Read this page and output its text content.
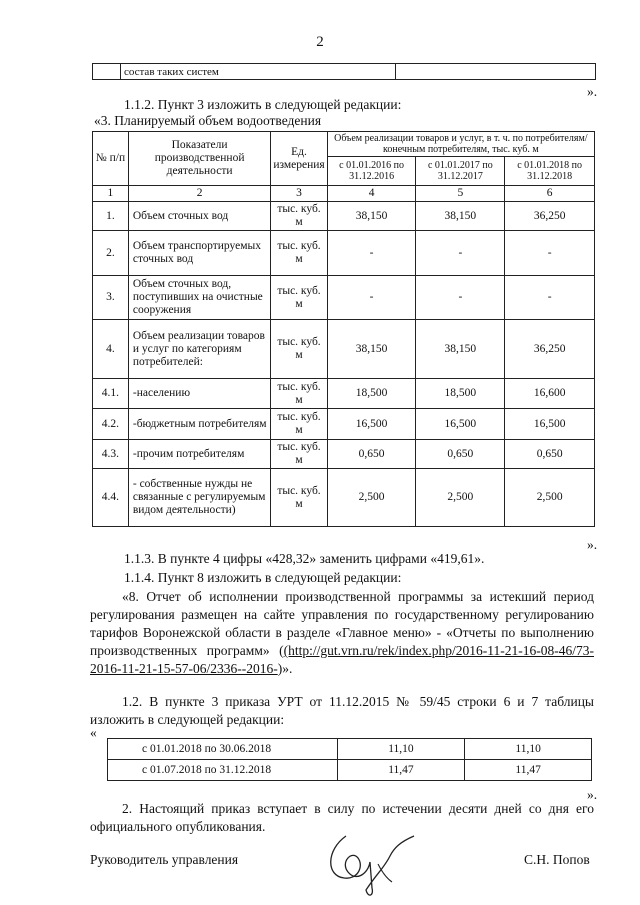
2
	состав таких систем	
».
1.1.2. Пункт 3 изложить в следующей редакции:
«3. Планируемый объем водоотведения
№ п/п	Показатели производственной деятельности	Ед. измерения	Объем реализации товаров и услуг, в т. ч. по потребителям/ конечным потребителям, тыс. куб. м		
			с 01.01.2016 по 31.12.2016	с 01.01.2017 по 31.12.2017	с 01.01.2018 по 31.12.2018
1	2	3	4	5	6
1.	Объем сточных вод	тыс. куб. м	38,150	38,150	36,250
2.	Объем транспортируемых сточных вод	тыс. куб. м	-	-	-
3.	Объем сточных вод, поступивших на очистные сооружения	тыс. куб. м	-	-	-
4.	Объем реализации товаров и услуг по категориям потребителей:	тыс. куб. м	38,150	38,150	36,250
4.1.	-населению	тыс. куб. м	18,500	18,500	16,600
4.2.	-бюджетным потребителям	тыс. куб. м	16,500	16,500	16,500
4.3.	-прочим потребителям	тыс. куб. м	0,650	0,650	0,650
4.4.	- собственные нужды не связанные с регулируемым видом деятельности)	тыс. куб. м	2,500	2,500	2,500
».
1.1.3. В пункте 4 цифры «428,32» заменить цифрами «419,61».
1.1.4. Пункт 8 изложить в следующей редакции:
«8. Отчет об исполнении производственной программы за истекший период регулирования размещен на сайте управления по государственному регулированию тарифов Воронежской области в разделе «Главное меню» - «Отчеты по выполнению производственных программ» ((http://gut.vrn.ru/rek/index.php/2016-11-21-16-08-46/73-2016-11-21-15-57-06/2336--2016-)».
1.2. В пункте 3 приказа УРТ от 11.12.2015 № 59/45 строки 6 и 7 таблицы изложить в следующей редакции:
«
с 01.01.2018 по 30.06.2018	11,10	11,10
с 01.07.2018 по 31.12.2018	11,47	11,47
».
2. Настоящий приказ вступает в силу по истечении десяти дней со дня его официального опубликования.
Руководитель управления	С.Н. Попов
